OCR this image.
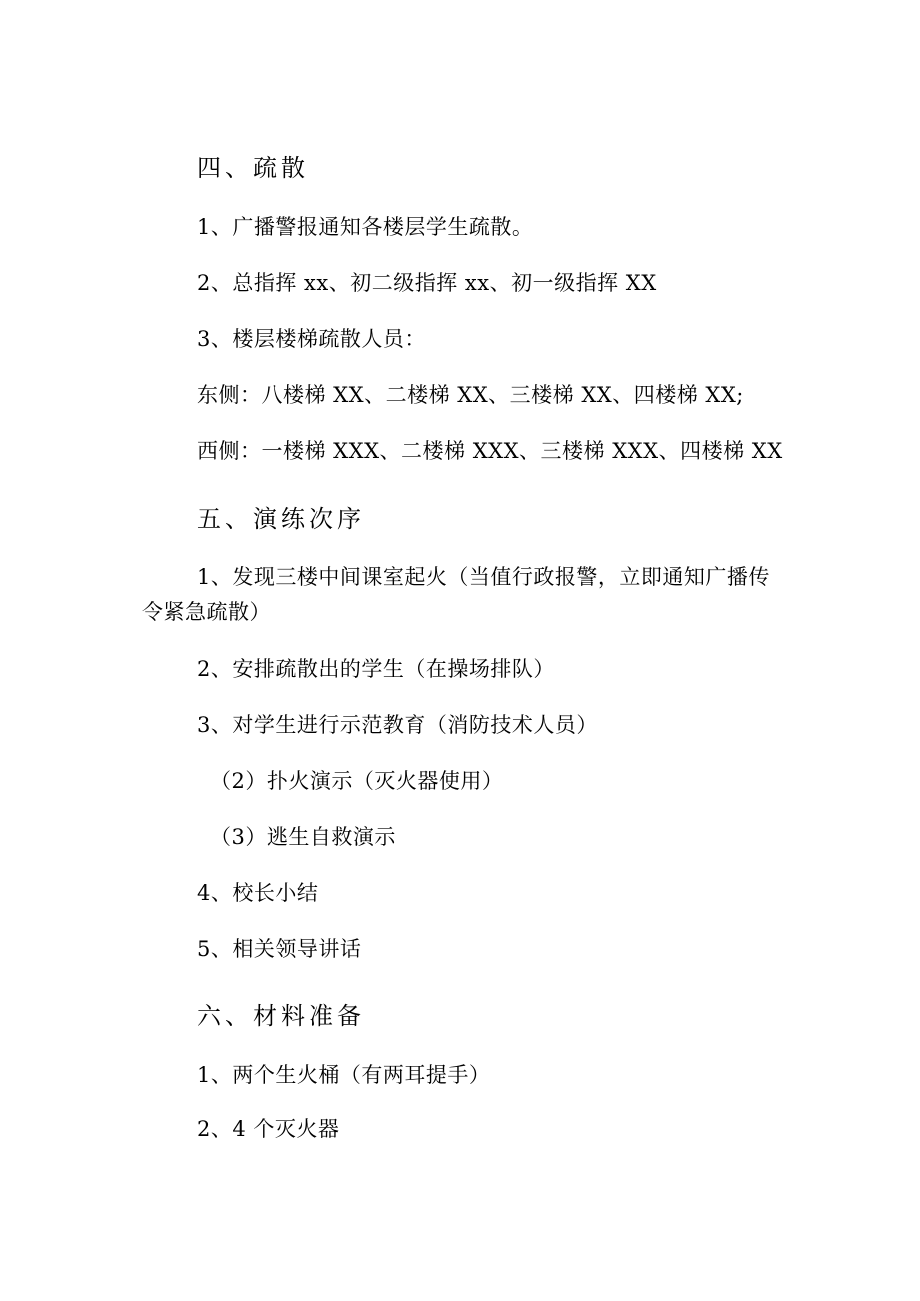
四、疏散
1、广播警报通知各楼层学生疏散。
2、总指挥 xx、初二级指挥 xx、初一级指挥 XX
3、楼层楼梯疏散人员：
东侧：八楼梯 XX、二楼梯 XX、三楼梯 XX、四楼梯 XX;
西侧：一楼梯 XXX、二楼梯 XXX、三楼梯 XXX、四楼梯 XX
五、演练次序
1、发现三楼中间课室起火（当值行政报警，立即通知广播传
令紧急疏散）
2、安排疏散出的学生（在操场排队）
3、对学生进行示范教育（消防技术人员）
（2）扑火演示（灭火器使用）
（3）逃生自救演示
4、校长小结
5、相关领导讲话
六、材料准备
1、两个生火桶（有两耳提手）
2、4 个灭火器
